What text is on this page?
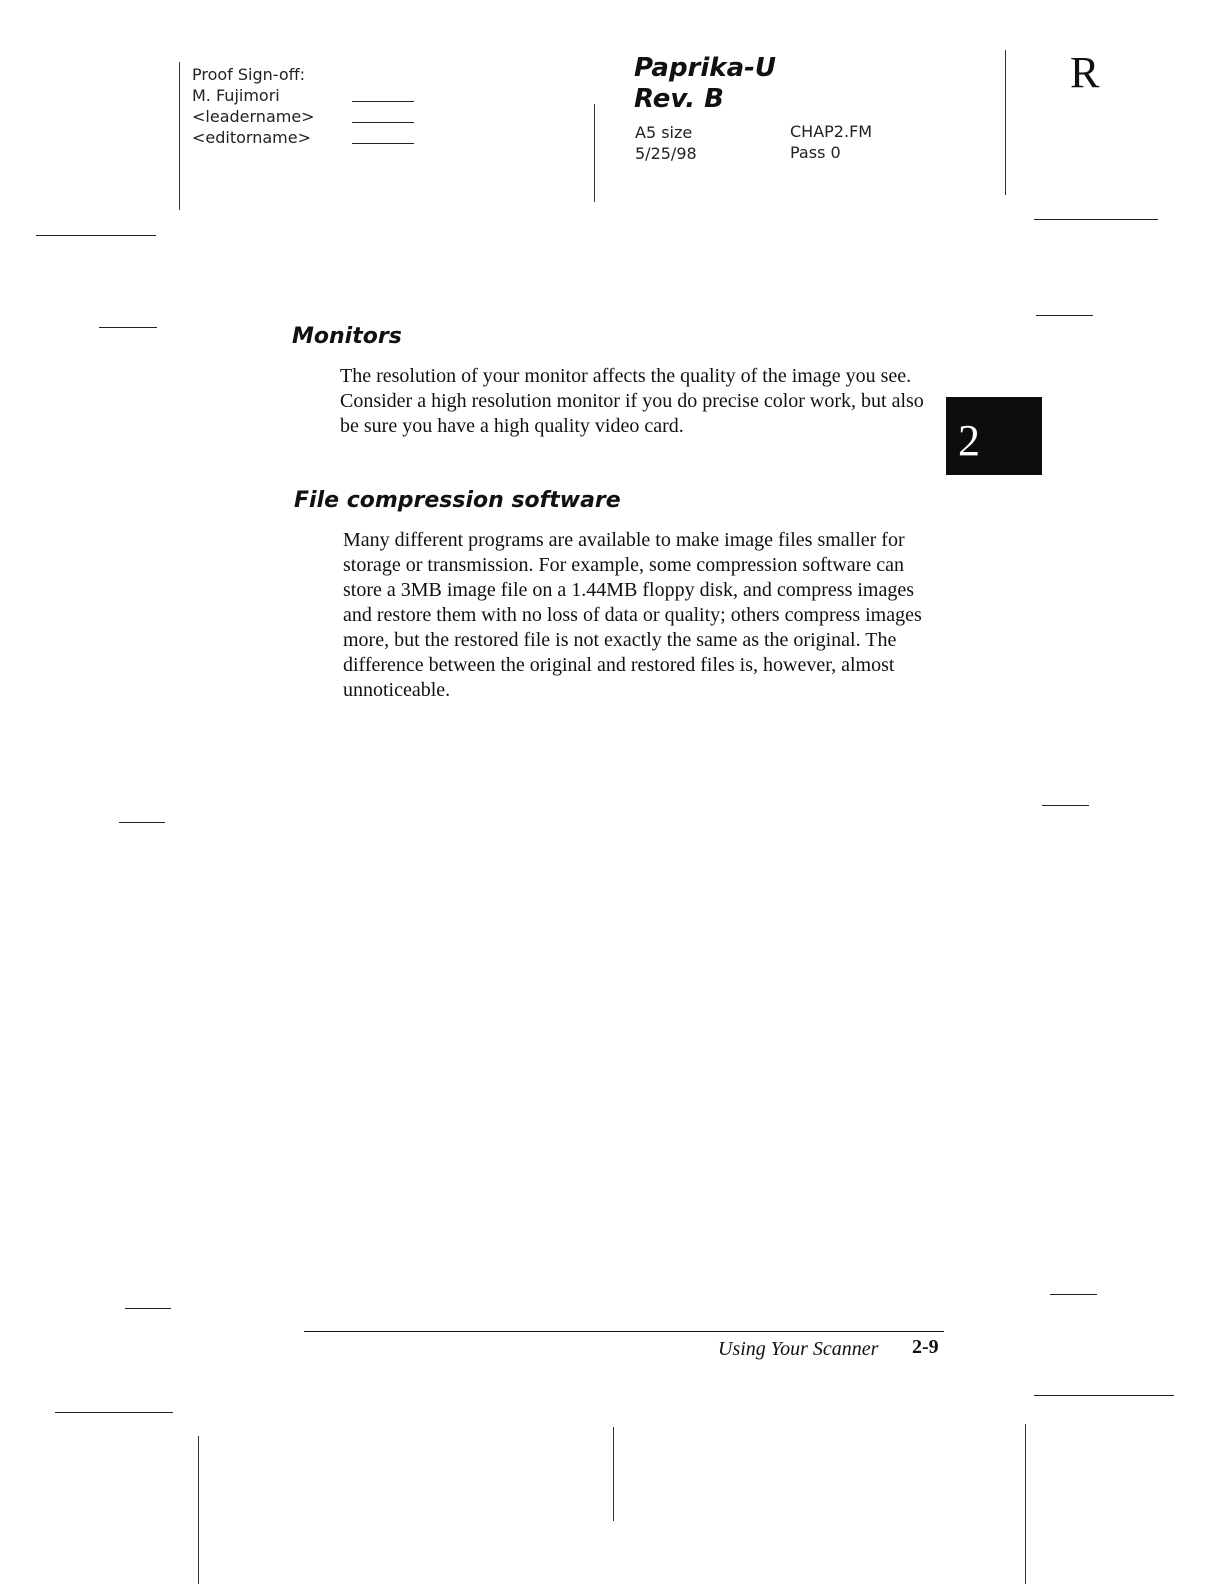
Proof Sign-off:
M. Fujimori
<leadername>
<editorname>
Paprika-U
Rev. B
A5 size
5/25/98
CHAP2.FM
Pass 0
R
2
Monitors

The resolution of your monitor affects the quality of the image you see. Consider a high resolution monitor if you do precise color work, but also be sure you have a high quality video card.

File compression software

Many different programs are available to make image files smaller for storage or transmission. For example, some compression software can store a 3MB image file on a 1.44MB floppy disk, and compress images and restore them with no loss of data or quality; others compress images more, but the restored file is not exactly the same as the original. The difference between the original and restored files is, however, almost unnoticeable.

Using Your Scanner 2-9
